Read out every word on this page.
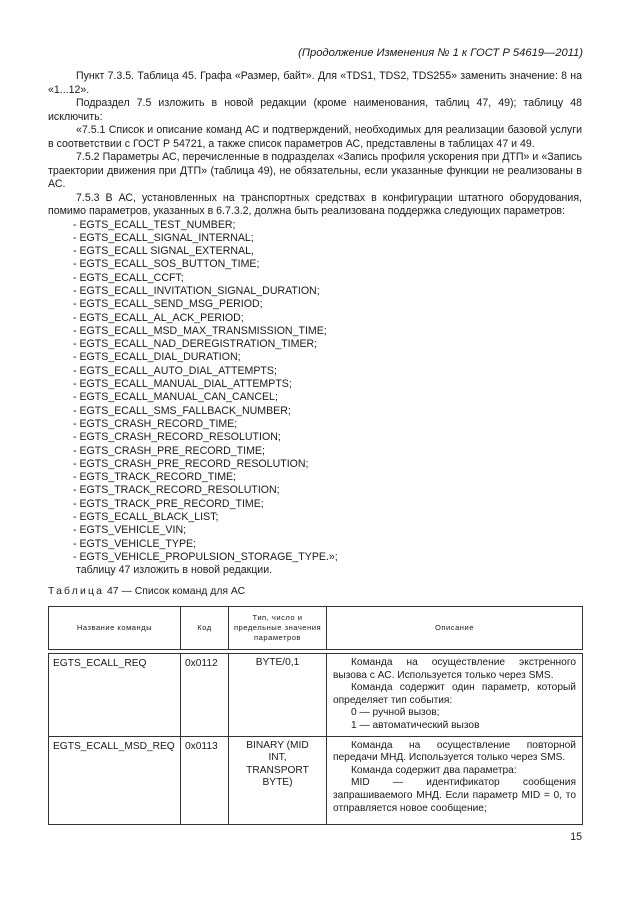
(Продолжение Изменения № 1 к ГОСТ Р 54619—2011)

Пункт 7.3.5. Таблица 45. Графа «Размер, байт». Для «TDS1, TDS2, TDS255» заменить значение: 8 на «1...12».

Подраздел 7.5 изложить в новой редакции (кроме наименования, таблиц 47, 49); таблицу 48 исключить:

«7.5.1 Список и описание команд АС и подтверждений, необходимых для реализации базовой услуги в соответствии с ГОСТ Р 54721, а также список параметров АС, представлены в таблицах 47 и 49.

7.5.2 Параметры АС, перечисленные в подразделах «Запись профиля ускорения при ДТП» и «Запись траектории движения при ДТП» (таблица 49), не обязательны, если указанные функции не реализованы в АС.

7.5.3 В АС, установленных на транспортных средствах в конфигурации штатного оборудования, помимо параметров, указанных в 6.7.3.2, должна быть реализована поддержка следующих параметров:

- EGTS_ECALL_TEST_NUMBER;
- EGTS_ECALL_SIGNAL_INTERNAL;
- EGTS_ECALL SIGNAL_EXTERNAL,
- EGTS_ECALL_SOS_BUTTON_TIME;
- EGTS_ECALL_CCFT;
- EGTS_ECALL_INVITATION_SIGNAL_DURATION;
- EGTS_ECALL_SEND_MSG_PERIOD;
- EGTS_ECALL_AL_ACK_PERIOD;
- EGTS_ECALL_MSD_MAX_TRANSMISSION_TIME;
- EGTS_ECALL_NAD_DEREGISTRATION_TIMER;
- EGTS_ECALL_DIAL_DURATION;
- EGTS_ECALL_AUTO_DIAL_ATTEMPTS;
- EGTS_ECALL_MANUAL_DIAL_ATTEMPTS;
- EGTS_ECALL_MANUAL_CAN_CANCEL;
- EGTS_ECALL_SMS_FALLBACK_NUMBER;
- EGTS_CRASH_RECORD_TIME;
- EGTS_CRASH_RECORD_RESOLUTION;
- EGTS_CRASH_PRE_RECORD_TIME;
- EGTS_CRASH_PRE_RECORD_RESOLUTION;
- EGTS_TRACK_RECORD_TIME;
- EGTS_TRACK_RECORD_RESOLUTION;
- EGTS_TRACK_PRE_RECORD_TIME;
- EGTS_ECALL_BLACK_LIST;
- EGTS_VEHICLE_VIN;
- EGTS_VEHICLE_TYPE;
- EGTS_VEHICLE_PROPULSION_STORAGE_TYPE.»;

таблицу 47 изложить в новой редакции.

Таблица 47 — Список команд для АС
Название команды	Код	Тип, число и предельные значения параметров	Описание

EGTS_ECALL_REQ	0x0112	BYTE/0,1	Команда на осуществление экстренного вызова с АС. Используется только через SMS.

Команда содержит один параметр, который определяет тип события:

0 — ручной вызов;

1 — автоматический вызов

EGTS_ECALL_MSD_REQ	0x0113	BINARY (MID INT, TRANSPORT BYTE)	Команда на осуществление повторной передачи МНД. Используется только через SMS.

Команда содержит два параметра:

MID — идентификатор сообщения запрашиваемого МНД. Если параметр MID = 0, то отправляется новое сообщение;

15
